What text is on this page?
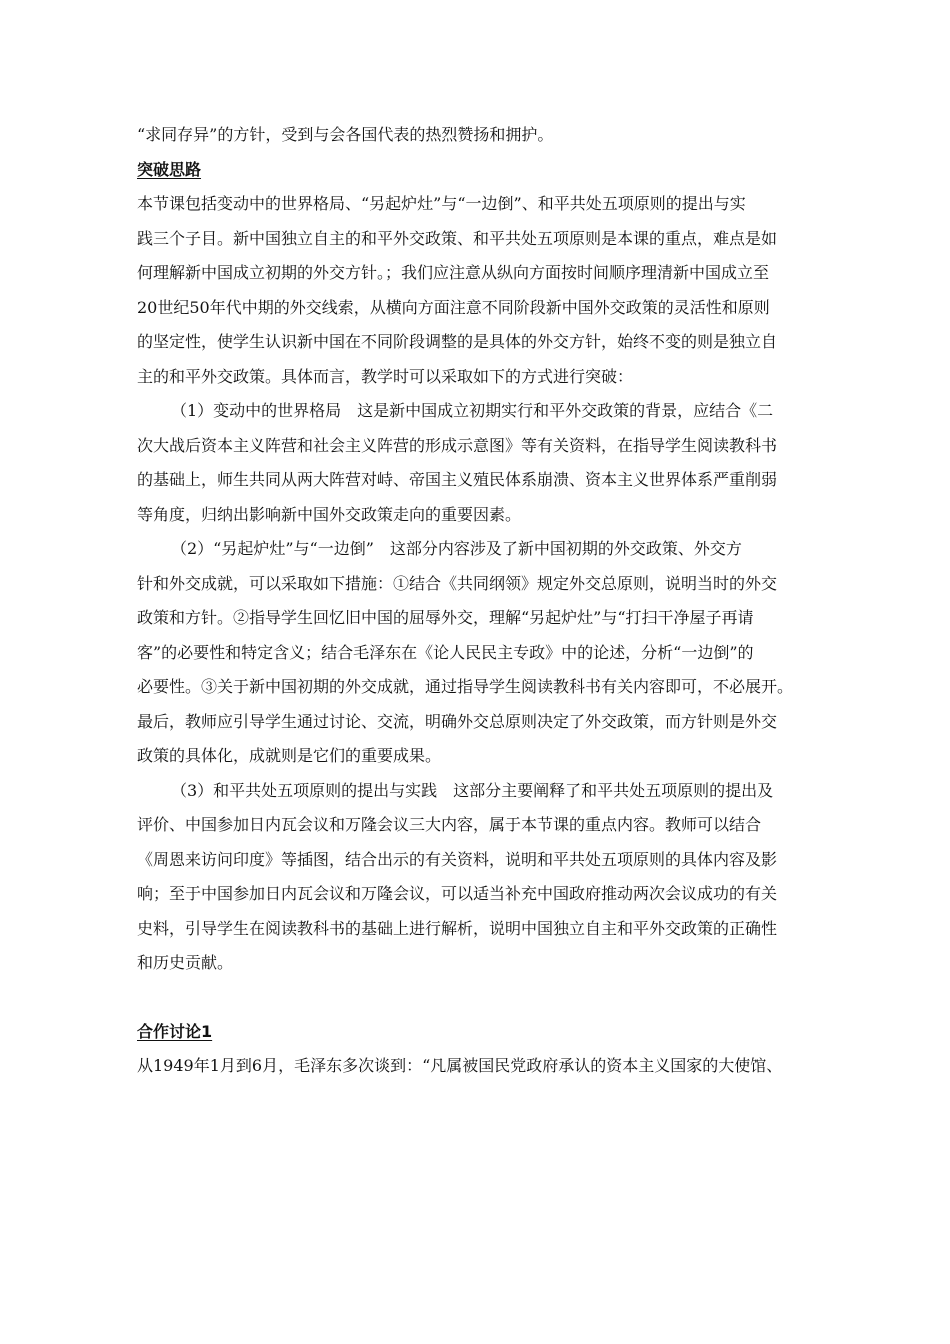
“求同存异”的方针，受到与会各国代表的热烈赞扬和拥护。
突破思路
本节课包括变动中的世界格局、“另起炉灶”与“一边倒”、和平共处五项原则的提出与实
践三个子目。新中国独立自主的和平外交政策、和平共处五项原则是本课的重点，难点是如
何理解新中国成立初期的外交方针。；我们应注意从纵向方面按时间顺序理清新中国成立至
20世纪50年代中期的外交线索，从横向方面注意不同阶段新中国外交政策的灵活性和原则
的坚定性，使学生认识新中国在不同阶段调整的是具体的外交方针，始终不变的则是独立自
主的和平外交政策。具体而言，教学时可以采取如下的方式进行突破：
（1）变动中的世界格局　这是新中国成立初期实行和平外交政策的背景，应结合《二
次大战后资本主义阵营和社会主义阵营的形成示意图》等有关资料，在指导学生阅读教科书
的基础上，师生共同从两大阵营对峙、帝国主义殖民体系崩溃、资本主义世界体系严重削弱
等角度，归纳出影响新中国外交政策走向的重要因素。
（2）“另起炉灶”与“一边倒”　这部分内容涉及了新中国初期的外交政策、外交方
针和外交成就，可以采取如下措施：①结合《共同纲领》规定外交总原则，说明当时的外交
政策和方针。②指导学生回忆旧中国的屈辱外交，理解“另起炉灶”与“打扫干净屋子再请
客”的必要性和特定含义；结合毛泽东在《论人民民主专政》中的论述，分析“一边倒”的
必要性。③关于新中国初期的外交成就，通过指导学生阅读教科书有关内容即可，不必展开。
最后，教师应引导学生通过讨论、交流，明确外交总原则决定了外交政策，而方针则是外交
政策的具体化，成就则是它们的重要成果。
（3）和平共处五项原则的提出与实践　这部分主要阐释了和平共处五项原则的提出及
评价、中国参加日内瓦会议和万隆会议三大内容，属于本节课的重点内容。教师可以结合
《周恩来访问印度》等插图，结合出示的有关资料，说明和平共处五项原则的具体内容及影
响；至于中国参加日内瓦会议和万隆会议，可以适当补充中国政府推动两次会议成功的有关
史料，引导学生在阅读教科书的基础上进行解析，说明中国独立自主和平外交政策的正确性
和历史贡献。
合作讨论1
从1949年1月到6月，毛泽东多次谈到：“凡属被国民党政府承认的资本主义国家的大使馆、
